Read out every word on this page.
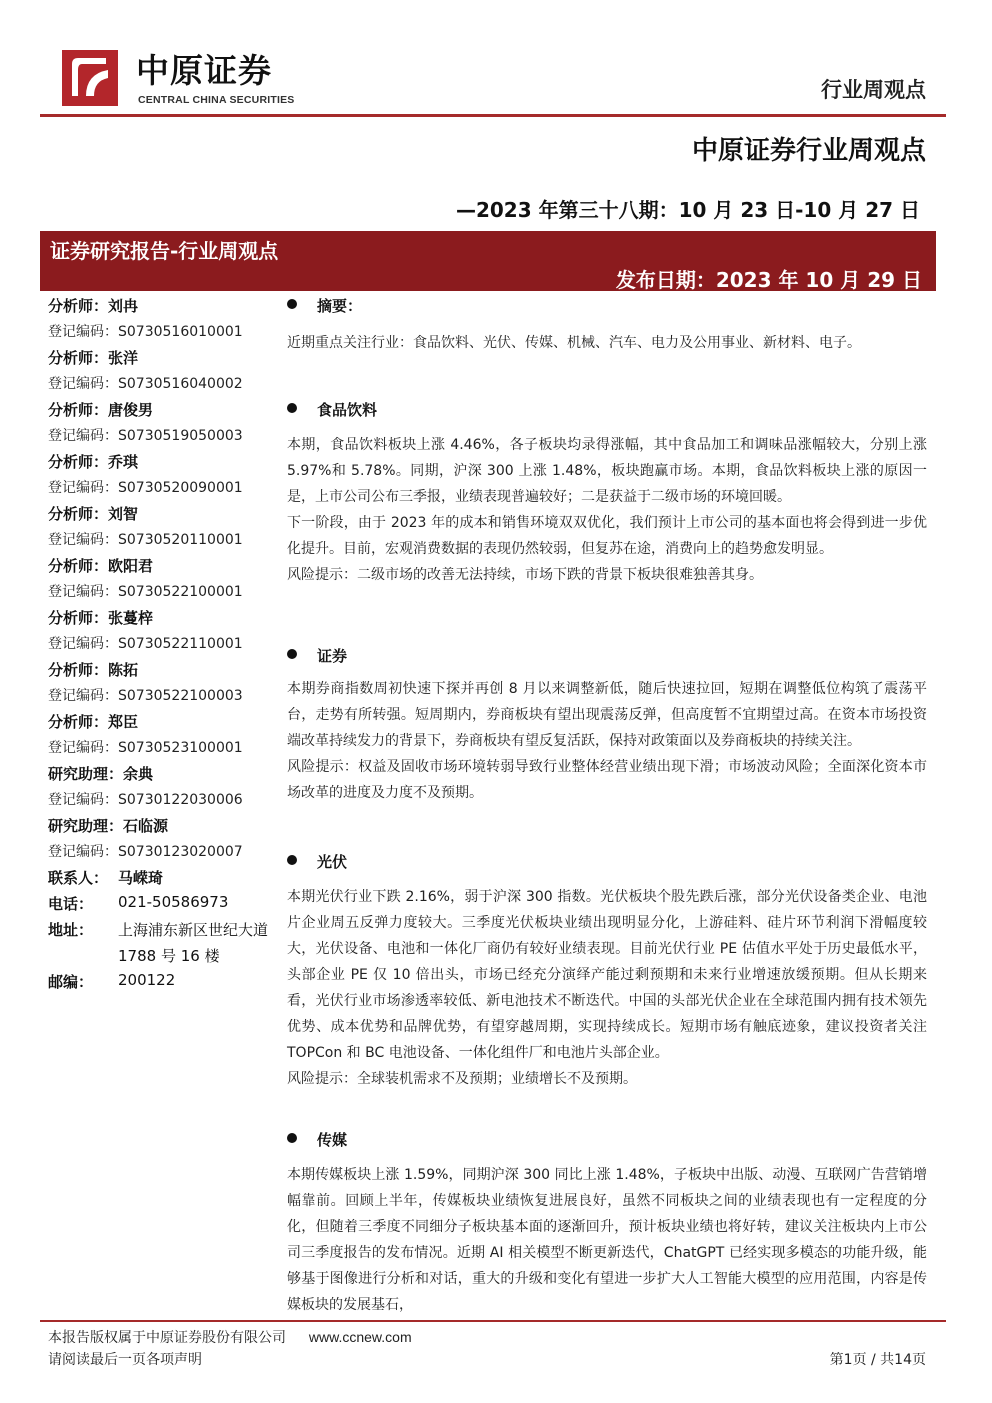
中原证券
CENTRAL CHINA SECURITIES	行业周观点
中原证券行业周观点
—2023 年第三十八期：10 月 23 日-10 月 27 日
证券研究报告-行业周观点
发布日期：2023 年 10 月 29 日
分析师：刘冉
登记编码：S0730516010001
分析师：张洋
登记编码：S0730516040002
分析师：唐俊男
登记编码：S0730519050003
分析师：乔琪
登记编码：S0730520090001
分析师：刘智
登记编码：S0730520110001
分析师：欧阳君
登记编码：S0730522100001
分析师：张蔓梓
登记编码：S0730522110001
分析师：陈拓
登记编码：S0730522100003
分析师：郑臣
登记编码：S0730523100001
研究助理：余典
登记编码：S0730122030006
研究助理：石临源
登记编码：S0730123020007
联系人： 马嵘琦
电话： 021-50586973
地址： 上海浦东新区世纪大道
1788 号 16 楼
邮编： 200122
摘要：

近期重点关注行业：食品饮料、光伏、传媒、机械、汽车、电力及公用事业、新材料、电子。

食品饮料

本期，食品饮料板块上涨 4.46%，各子板块均录得涨幅，其中食品加工和调味品涨幅较大，分别上涨 5.97%和 5.78%。同期，沪深 300 上涨 1.48%，板块跑赢市场。本期，食品饮料板块上涨的原因一是，上市公司公布三季报，业绩表现普遍较好；二是获益于二级市场的环境回暖。

下一阶段，由于 2023 年的成本和销售环境双双优化，我们预计上市公司的基本面也将会得到进一步优化提升。目前，宏观消费数据的表现仍然较弱，但复苏在途，消费向上的趋势愈发明显。

风险提示：二级市场的改善无法持续，市场下跌的背景下板块很难独善其身。

证券

本期券商指数周初快速下探并再创 8 月以来调整新低，随后快速拉回，短期在调整低位构筑了震荡平台，走势有所转强。短周期内，券商板块有望出现震荡反弹，但高度暂不宜期望过高。在资本市场投资端改革持续发力的背景下，券商板块有望反复活跃，保持对政策面以及券商板块的持续关注。

风险提示：权益及固收市场环境转弱导致行业整体经营业绩出现下滑；市场波动风险；全面深化资本市场改革的进度及力度不及预期。

光伏

本期光伏行业下跌 2.16%，弱于沪深 300 指数。光伏板块个股先跌后涨，部分光伏设备类企业、电池片企业周五反弹力度较大。三季度光伏板块业绩出现明显分化，上游硅料、硅片环节利润下滑幅度较大，光伏设备、电池和一体化厂商仍有较好业绩表现。目前光伏行业 PE 估值水平处于历史最低水平，头部企业 PE 仅 10 倍出头，市场已经充分演绎产能过剩预期和未来行业增速放缓预期。但从长期来看，光伏行业市场渗透率较低、新电池技术不断迭代。中国的头部光伏企业在全球范围内拥有技术领先优势、成本优势和品牌优势，有望穿越周期，实现持续成长。短期市场有触底迹象，建议投资者关注 TOPCon 和 BC 电池设备、一体化组件厂和电池片头部企业。

风险提示：全球装机需求不及预期；业绩增长不及预期。

传媒

本期传媒板块上涨 1.59%，同期沪深 300 同比上涨 1.48%，子板块中出版、动漫、互联网广告营销增幅靠前。回顾上半年，传媒板块业绩恢复进展良好，虽然不同板块之间的业绩表现也有一定程度的分化，但随着三季度不同细分子板块基本面的逐渐回升，预计板块业绩也将好转，建议关注板块内上市公司三季度报告的发布情况。近期 AI 相关模型不断更新迭代，ChatGPT 已经实现多模态的功能升级，能够基于图像进行分析和对话，重大的升级和变化有望进一步扩大人工智能大模型的应用范围，内容是传媒板块的发展基石，

本报告版权属于中原证券股份有限公司 www.ccnew.com
请阅读最后一页各项声明	第1页 / 共14页
